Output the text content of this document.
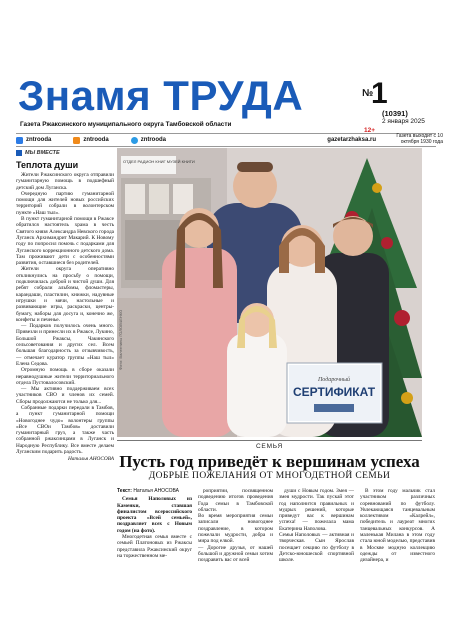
Знамя ТРУДА
Газета Ржаксинского муниципального округа Тамбовской области
№
1
(10391)
2 января 2025
12+
zntrooda	zntrooda	zntrooda	gazetarzhaksa.ru
Газета выходит с 10 октября 1930 года
МЫ ВМЕСТЕ
Теплота души

Жители Ржаксинского округа отправили гуманитарную помощь в подшефный детский дом Луганска.

Очередную партию гуманитарной помощи для жителей новых российских территорий собрали в волонтерском пункте «Наш тыл».

В пункт гуманитарной помощи в Ржаксе обратился настоятель храма в честь Святого князя Александра Невского города Луганск Архимандрит Макарий. К Новому году по попросил помочь с подарками для Луганского коррекционного детского дома. Там проживают дети с особенностями развития, оставшиеся без родителей.

Жители округа оперативно откликнулись на просьбу о помощи, подключилась доброй и чистой души. Для ребят собрали альбомы, фломастеры, карандаши, пластилин, книжки, надувные игрушки и мячи, настольные и развивающие игры, раскраски, центры-бумагу, наборы для досуга и, конечно же, конфеты и печенье.

— Подарков получилось очень много. Привезли и принесли их в Ржаксе, Лукино, Большой Ржаксы, Чакинского сельсоветования и других сел. Всем большая благодарность за отзывчивость, — отмечает куратор группы «Наш тыл» Елена Седова.

Огромную помощь в сборе оказали неравнодушные жители территориального отдела Пустовалосовский.

— Мы активно поддерживаем всех участников СВО и членов их семей. Сборы продолжаются не только для...

Собранные подарки передали в Тамбов, а пункт гуманитарной помощи «Новогоднее чудо» волонтеры группы «Все СВОи Тамбов» доставили гуманитарный груз, а также часть собранной ржаксинцами в Луганск и Народную Республику. Все вместе делаем Луганским подарить радость.

Наталья АНОСОВА
ОТДЕЛ РАДИОН КНИГ МУЗЕЙ КНИГИ
Подарочный
СЕРТИФИКАТ
Фото: Валентины ГОЛОВЧЕНКО
СЕМЬЯ
Пусть год приведёт к вершинам успеха
ДОБРЫЕ ПОЖЕЛАНИЯ ОТ МНОГОДЕТНОЙ СЕМЬИ
Текст: Наталья АНОСОВА

Семья Наполовых из Каменки, ставшая финалистом всероссийского проекта «Всей семьей», поздравляет всех с Новым годом (на фото).

Многодетная семья вместе с семьей Платоновых из Ржаксы представила Ржаксинский округ на торжественном ме-

роприятии, посвященном подведению итогов проведения Года семьи в Тамбовской области.
Во время мероприятия семьи записали новогоднее поздравление, в котором пожелали мудрости, добра и мира под елкой.
— Дорогие друзья, от нашей большой и дружной семьи хотим поздравить вас от всей

души с Новым годом. Змея — змея мудрости. Так пускай этот год наполнится правильных и мудрых решений, которые приведут вас к вершинам успеха! — пожелала мама Екатерина Наполова.
Семья Наполовых — активная и творческая. Сын Ярослав посещает секцию по футболу в Детско-юношеской спортивной школе.

В этом году мальчик стал участником различных соревнований по футболу. Увлекающаяся танцевальным коллективом «Калрейл», победитель и лауреат многих танцевальных конкурсов. А маленькая Милана в этом году стала юной моделью, представив в Москве модную коллекцию одежды от известного дизайнера, и
